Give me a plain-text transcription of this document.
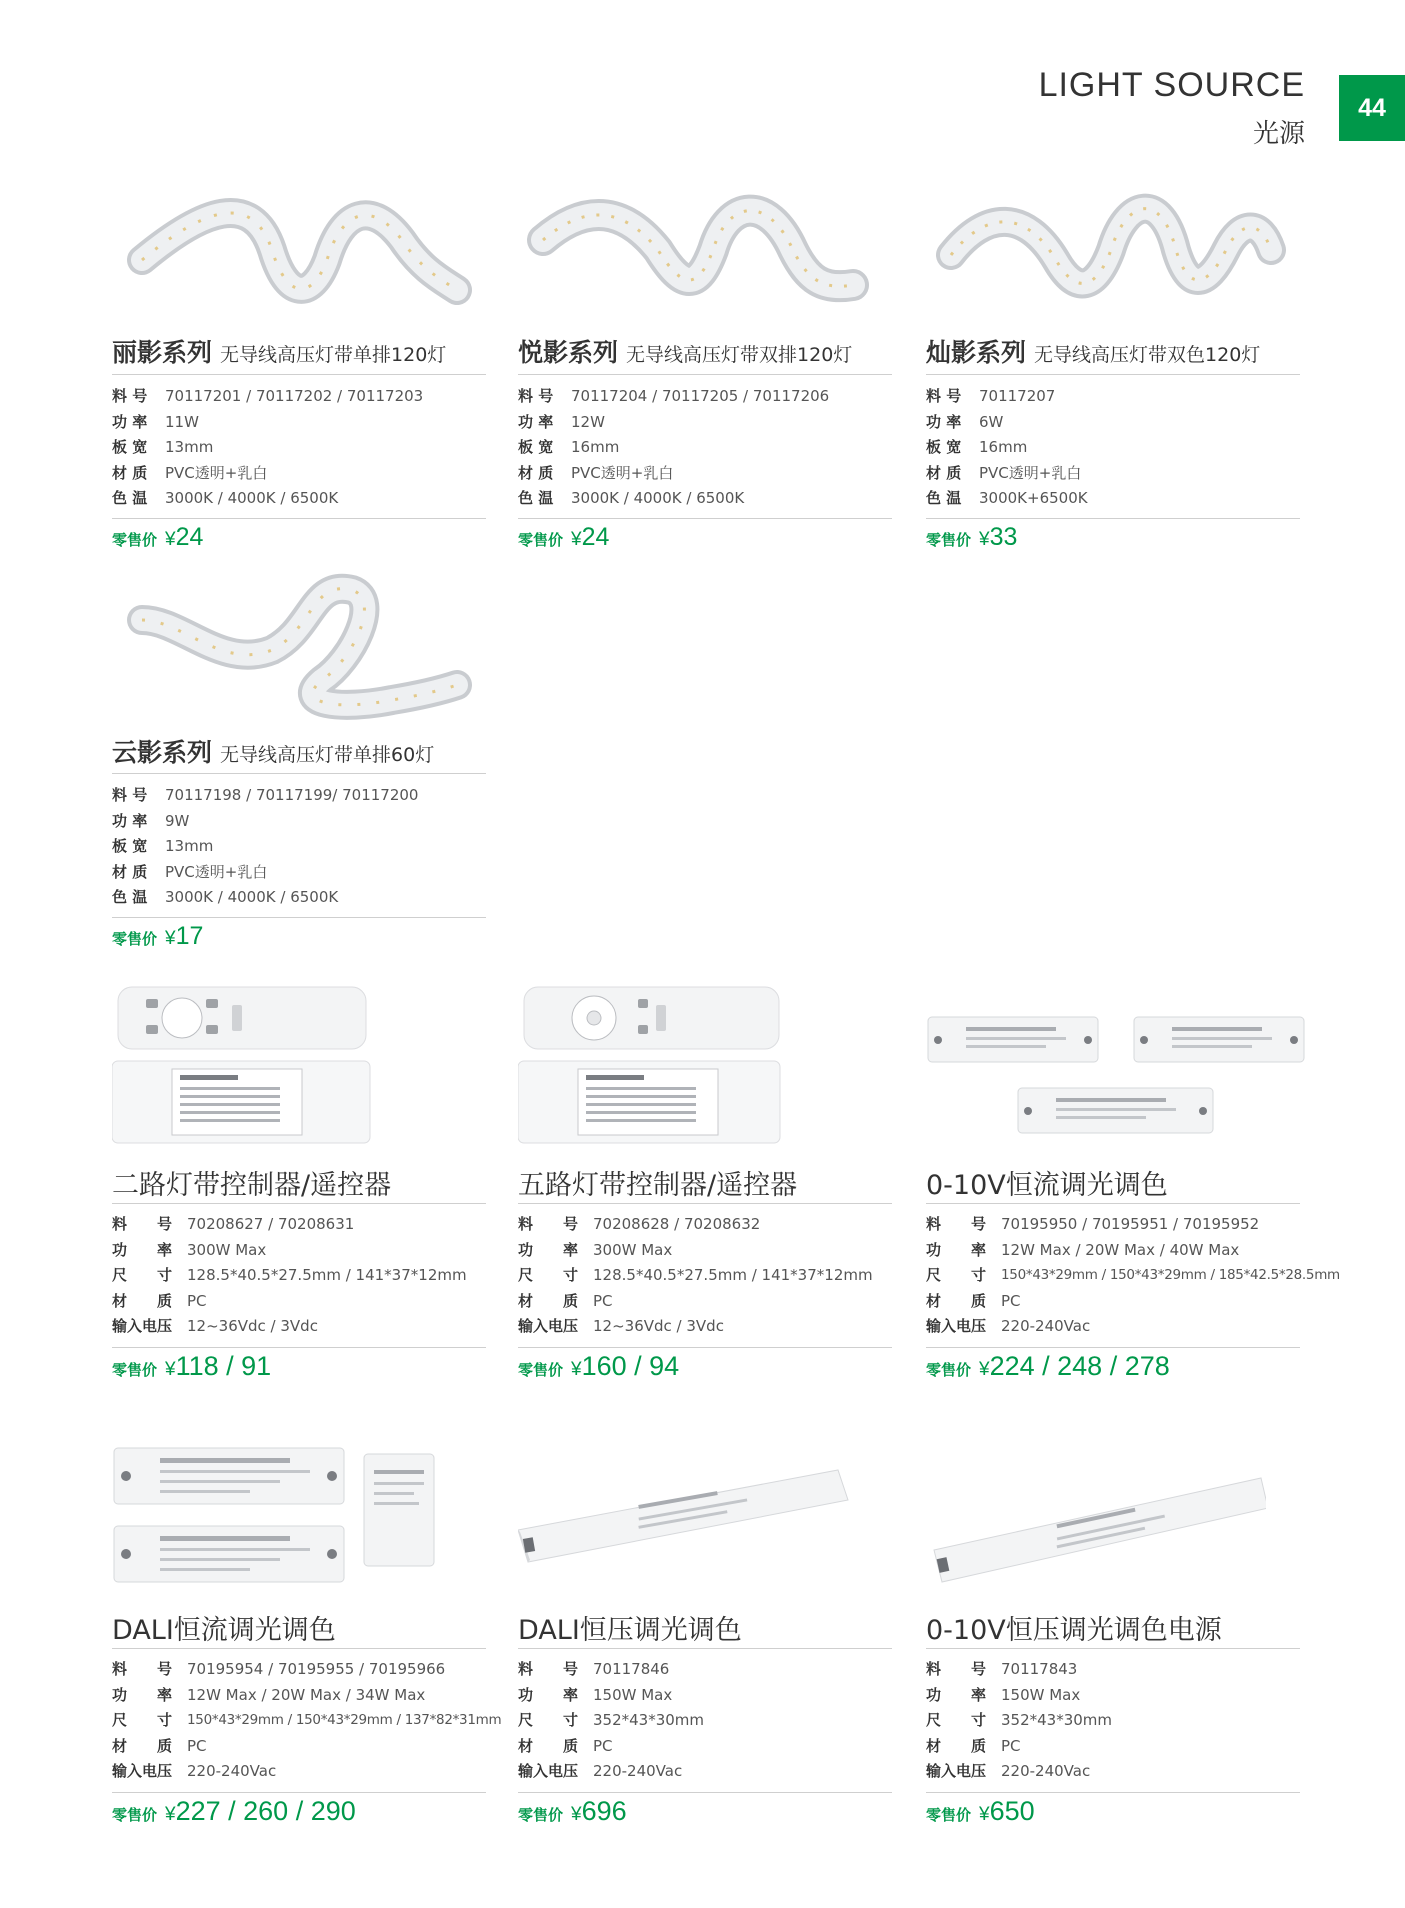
LIGHT SOURCE
光源
44
丽影系列 无导线高压灯带单排120灯
料 号	70117201 / 70117202 / 70117203
功 率	11W
板 宽	13mm
材 质	PVC透明+乳白
色 温	3000K / 4000K / 6500K
零售价 ¥24
悦影系列 无导线高压灯带双排120灯
料 号	70117204 / 70117205 / 70117206
功 率	12W
板 宽	16mm
材 质	PVC透明+乳白
色 温	3000K / 4000K / 6500K
零售价 ¥24
灿影系列 无导线高压灯带双色120灯
料 号	70117207
功 率	6W
板 宽	16mm
材 质	PVC透明+乳白
色 温	3000K+6500K
零售价 ¥33
云影系列 无导线高压灯带单排60灯
料 号	70117198 / 70117199/ 70117200
功 率	9W
板 宽	13mm
材 质	PVC透明+乳白
色 温	3000K / 4000K / 6500K
零售价 ¥17
二路灯带控制器/遥控器
料　　号 70208627 / 70208631
功　　率 300W Max
尺　　寸 128.5*40.5*27.5mm / 141*37*12mm
材　　质 PC
输入电压 12~36Vdc / 3Vdc
零售价 ¥118 / 91
五路灯带控制器/遥控器
料　　号 70208628 / 70208632
功　　率 300W Max
尺　　寸 128.5*40.5*27.5mm / 141*37*12mm
材　　质 PC
输入电压 12~36Vdc / 3Vdc
零售价 ¥160 / 94
0-10V恒流调光调色
料　　号 70195950 / 70195951 / 70195952
功　　率 12W Max / 20W Max / 40W Max
尺　　寸	150*43*29mm / 150*43*29mm / 185*42.5*28.5mm
材　　质 PC
输入电压 220-240Vac
零售价 ¥224 / 248 / 278
DALI恒流调光调色
料　　号 70195954 / 70195955 / 70195966
功　　率 12W Max / 20W Max / 34W Max
尺　　寸	150*43*29mm / 150*43*29mm / 137*82*31mm
材　　质 PC
输入电压 220-240Vac
零售价 ¥227 / 260 / 290
DALI恒压调光调色
料　　号 70117846
功　　率 150W Max
尺　　寸 352*43*30mm
材　　质 PC
输入电压 220-240Vac
零售价 ¥696
0-10V恒压调光调色电源
料　　号 70117843
功　　率 150W Max
尺　　寸 352*43*30mm
材　　质 PC
输入电压 220-240Vac
零售价 ¥650
